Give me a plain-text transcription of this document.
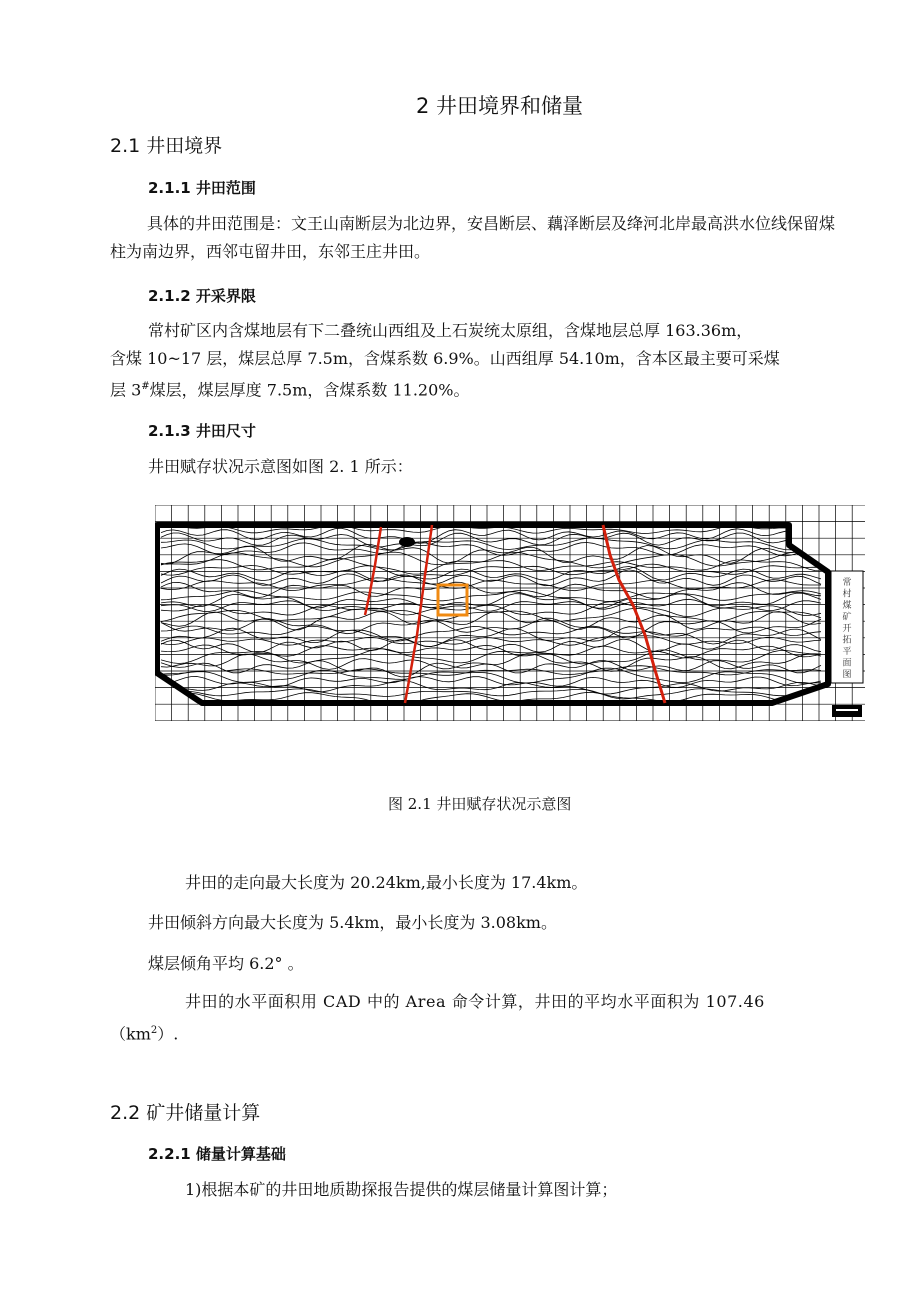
2 井田境界和储量
2.1 井田境界
2.1.1 井田范围
具体的井田范围是：文王山南断层为北边界，安昌断层、藕泽断层及绛河北岸最高洪水位线保留煤柱为南边界，西邻屯留井田，东邻王庄井田。
2.1.2 开采界限
常村矿区内含煤地层有下二叠统山西组及上石炭统太原组，含煤地层总厚 163.36m，
含煤 10~17 层，煤层总厚 7.5m，含煤系数 6.9%。山西组厚 54.10m，含本区最主要可采煤
层 3#煤层，煤层厚度 7.5m，含煤系数 11.20%。
2.1.3 井田尺寸
井田赋存状况示意图如图 2. 1 所示：
常
村
煤
矿
开
拓
平
面
图
图 2.1 井田赋存状况示意图
井田的走向最大长度为 20.24km,最小长度为 17.4km。
井田倾斜方向最大长度为 5.4km，最小长度为 3.08km。
煤层倾角平均 6.2° 。
井田的水平面积用 CAD 中的 Area 命令计算，井田的平均水平面积为 107.46
$(km^2)$.
2.2 矿井储量计算
2.2.1 储量计算基础
1)根据本矿的井田地质勘探报告提供的煤层储量计算图计算；
